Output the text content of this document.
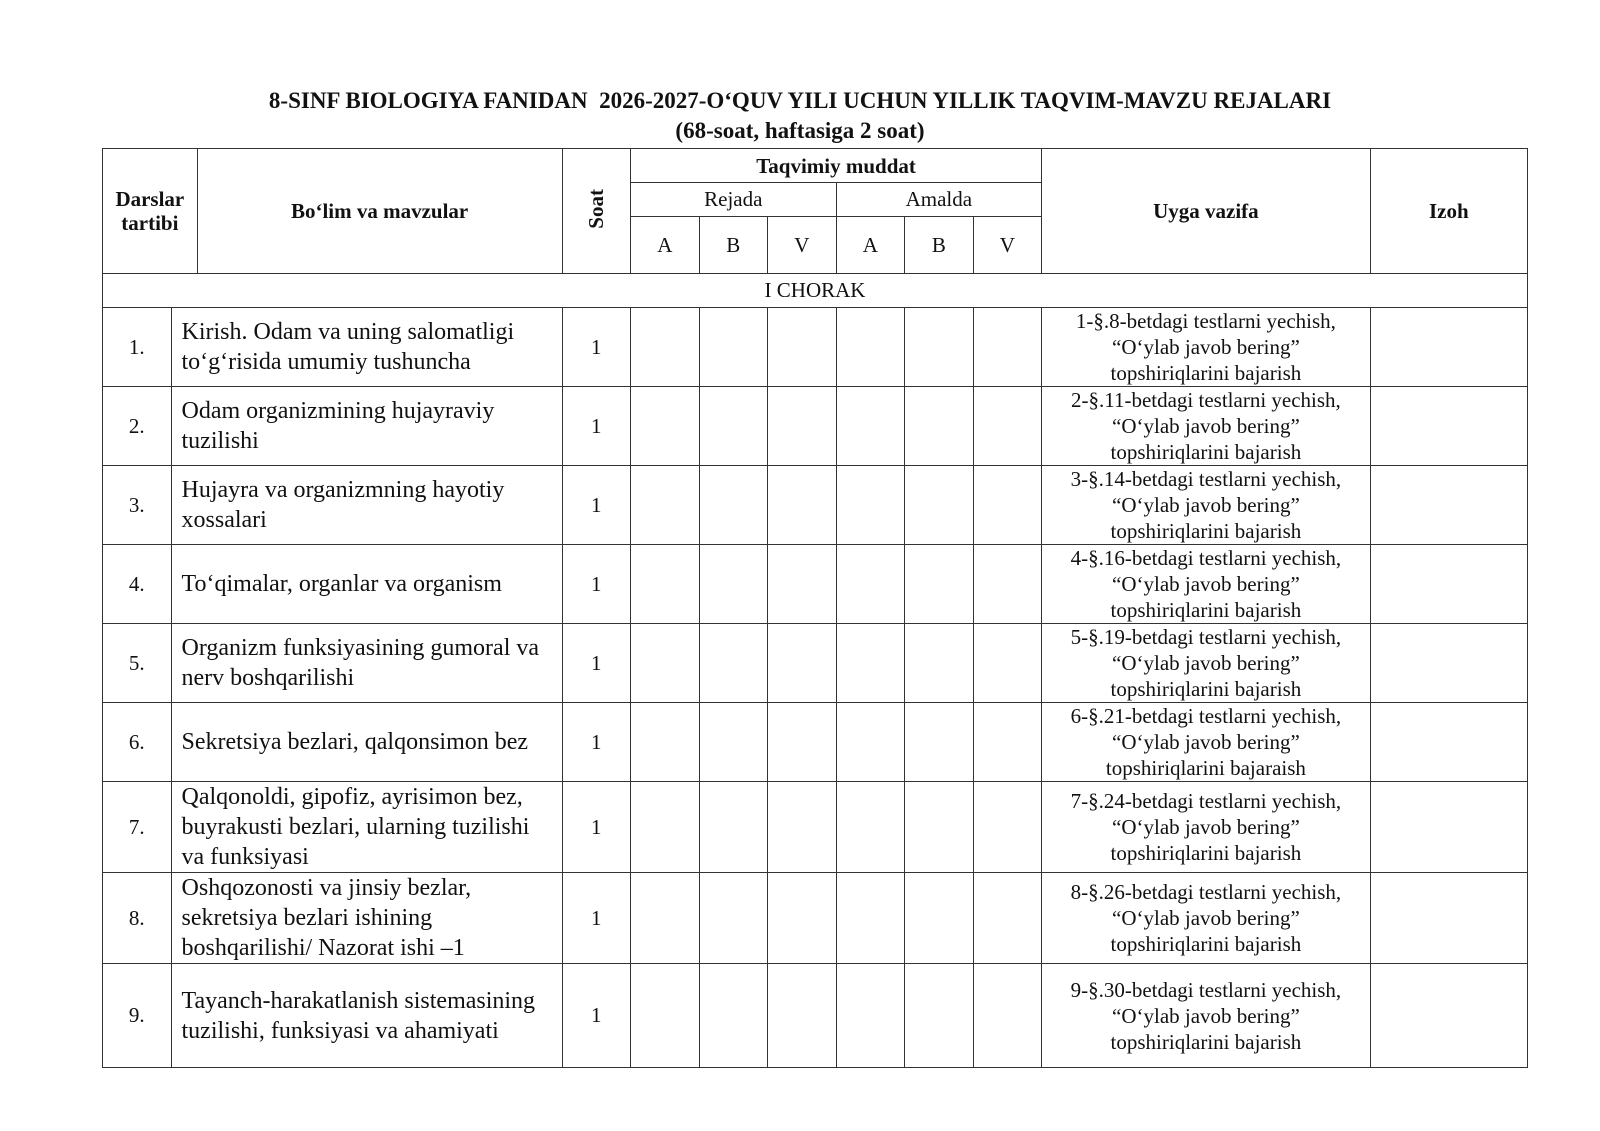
8-SINF BIOLOGIYA FANIDAN  2026-2027-O‘QUV YILI UCHUN YILLIK TAQVIM-MAVZU REJALARI
(68-soat, haftasiga 2 soat)
Darslar tartibi		Bo‘lim va mavzular	Soat	Taqvimiy muddat						Uyga vazifa	Izoh
				Rejada			Amalda				
				A	B	V	A	B	V		
I CHORAK											
1.	Kirish. Odam va uning salomatligi to‘g‘risida umumiy tushuncha		1							1-§.8-betdagi testlarni yechish,
“O‘ylab javob bering”
topshiriqlarini bajarish	

2.	Odam organizmining hujayraviy tuzilishi		1							2-§.11-betdagi testlarni yechish,
“O‘ylab javob bering”
topshiriqlarini bajarish	

3.	Hujayra va organizmning hayotiy xossalari		1							3-§.14-betdagi testlarni yechish,
“O‘ylab javob bering”
topshiriqlarini bajarish	

4.	To‘qimalar, organlar va organism		1							4-§.16-betdagi testlarni yechish,
“O‘ylab javob bering”
topshiriqlarini bajarish	

5.	Organizm funksiyasining gumoral va nerv boshqarilishi		1							5-§.19-betdagi testlarni yechish,
“O‘ylab javob bering”
topshiriqlarini bajarish	

6.	Sekretsiya bezlari, qalqonsimon bez		1							6-§.21-betdagi testlarni yechish,
“O‘ylab javob bering”
topshiriqlarini bajaraish	

7.	Qalqonoldi, gipofiz, ayrisimon bez, buyrakusti bezlari, ularning tuzilishi va funksiyasi		1							7-§.24-betdagi testlarni yechish,
“O‘ylab javob bering”
topshiriqlarini bajarish	

8.	Oshqozonosti va jinsiy bezlar, sekretsiya bezlari ishining boshqarilishi/ Nazorat ishi –1		1							8-§.26-betdagi testlarni yechish,
“O‘ylab javob bering”
topshiriqlarini bajarish	

9.	Tayanch-harakatlanish sistemasining tuzilishi, funksiyasi va ahamiyati		1							9-§.30-betdagi testlarni yechish,
“O‘ylab javob bering”
topshiriqlarini bajarish	
